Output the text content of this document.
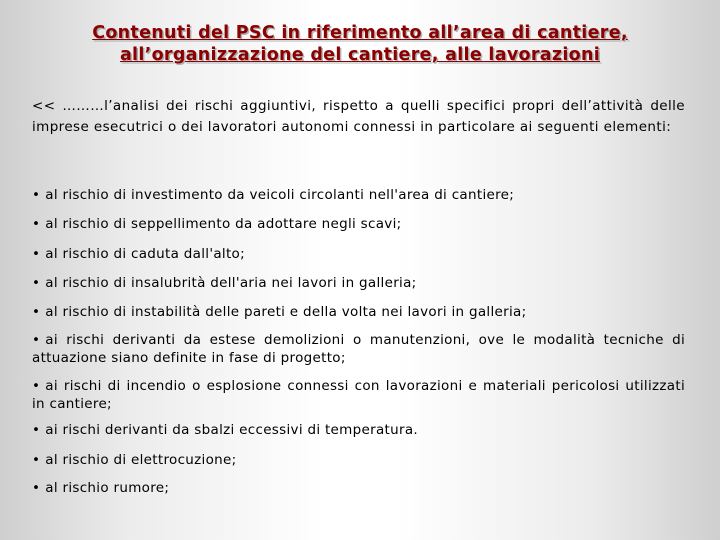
Contenuti del PSC in riferimento all’area di cantiere,
all’organizzazione del cantiere, alle lavorazioni
<< ………l’analisi dei rischi aggiuntivi, rispetto a quelli specifici propri dell’attività delle imprese esecutrici o dei lavoratori autonomi connessi in particolare ai seguenti elementi:
• al rischio di investimento da veicoli circolanti nell'area di cantiere;
• al rischio di seppellimento da adottare negli scavi;
• al rischio di caduta dall'alto;
• al rischio di insalubrità dell'aria nei lavori in galleria;
• al rischio di instabilità delle pareti e della volta nei lavori in galleria;
• ai rischi derivanti da estese demolizioni o manutenzioni, ove le modalità tecniche di attuazione siano definite in fase di progetto;
• ai rischi di incendio o esplosione connessi con lavorazioni e materiali pericolosi utilizzati in cantiere;
• ai rischi derivanti da sbalzi eccessivi di temperatura.
• al rischio di elettrocuzione;
• al rischio rumore;
